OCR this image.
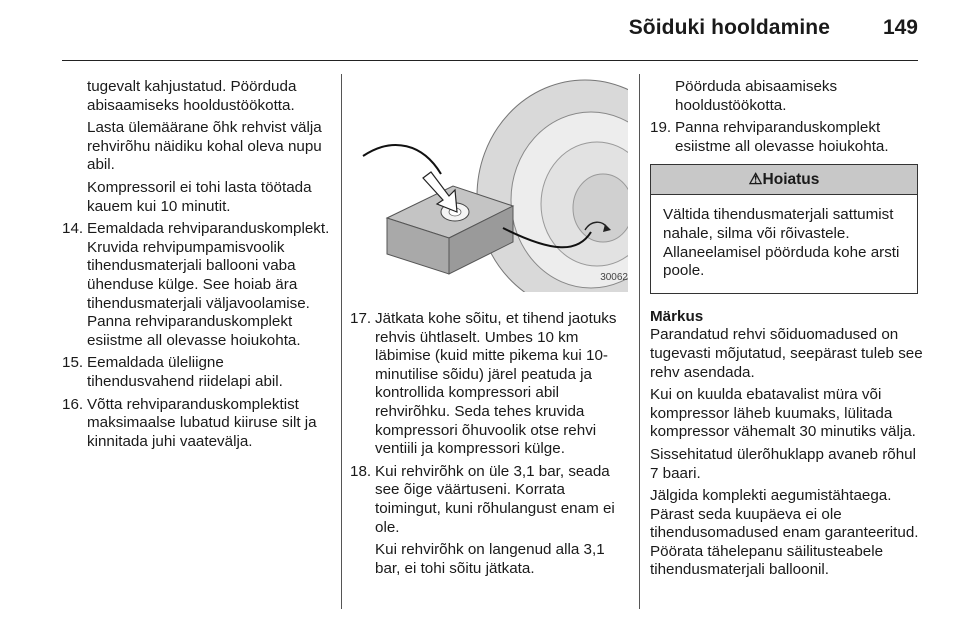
Sõiduki hooldamine	149

tugevalt kahjustatud. Pöörduda abisaamiseks hooldustöökotta.

Lasta ülemäärane õhk rehvist välja rehvirõhu näidiku kohal oleva nupu abil.

Kompressoril ei tohi lasta töötada kauem kui 10 minutit.

14. Eemaldada rehviparanduskomplekt. Kruvida rehvipumpamisvoolik tihendusmaterjali ballooni vaba ühenduse külge. See hoiab ära tihendusmaterjali väljavoolamise. Panna rehviparanduskomplekt esiistme all olevasse hoiukohta.

15. Eemaldada üleliigne tihendusvahend riidelapi abil.

16. Võtta rehviparanduskomplektist maksimaalse lubatud kiiruse silt ja kinnitada juhi vaatevälja.

30062
17. Jätkata kohe sõitu, et tihend jaotuks rehvis ühtlaselt. Umbes 10 km läbimise (kuid mitte pikema kui 10-minutilise sõidu) järel peatuda ja kontrollida kompressori abil rehvirõhku. Seda tehes kruvida kompressori õhuvoolik otse rehvi ventiili ja kompressori külge.

18. Kui rehvirõhk on üle 3,1 bar, seada see õige väärtuseni. Korrata toimingut, kuni rõhulangust enam ei ole.

Kui rehvirõhk on langenud alla 3,1 bar, ei tohi sõitu jätkata.

Pöörduda abisaamiseks hooldustöökotta.

19. Panna rehviparanduskomplekt esiistme all olevasse hoiukohta.

⚠Hoiatus
Vältida tihendusmaterjali sattumist nahale, silma või rõivastele. Allaneelamisel pöörduda kohe arsti poole.
Märkus

Parandatud rehvi sõiduomadused on tugevasti mõjutatud, seepärast tuleb see rehv asendada.

Kui on kuulda ebatavalist müra või kompressor läheb kuumaks, lülitada kompressor vähemalt 30 minutiks välja.

Sissehitatud ülerõhuklapp avaneb rõhul 7 baari.

Jälgida komplekti aegumistähtaega. Pärast seda kuupäeva ei ole tihendusomadused enam garanteeritud. Pöörata tähelepanu säilitusteabele tihendusmaterjali balloonil.
